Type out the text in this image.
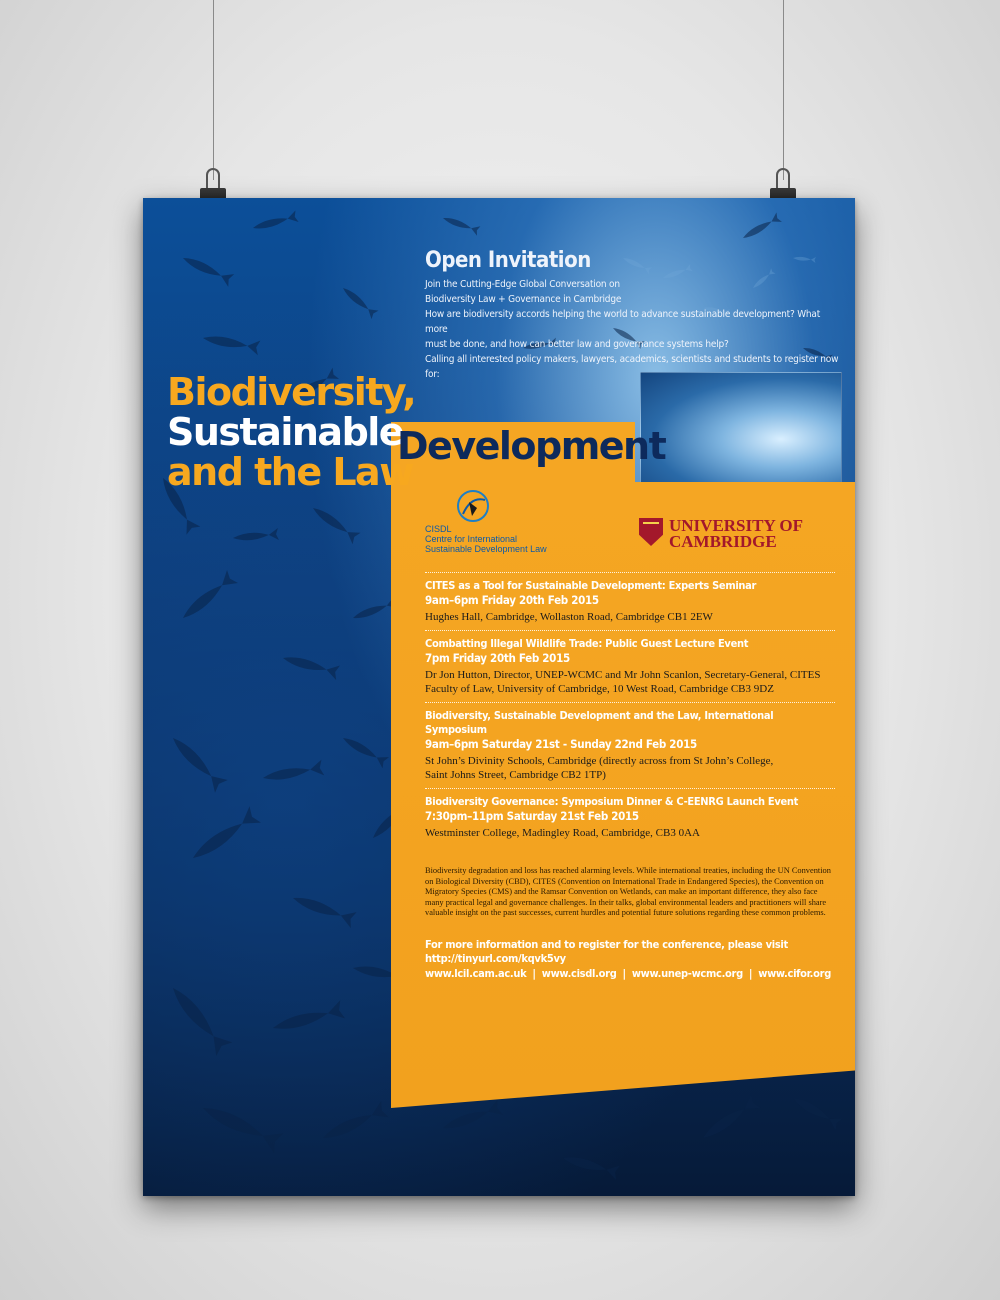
Open Invitation

Join the Cutting-Edge Global Conversation on

Biodiversity Law + Governance in Cambridge

How are biodiversity accords helping the world to advance sustainable development? What more

must be done, and how can better law and governance systems help?

Calling all interested policy makers, lawyers, academics, scientists and students to register now for:

Biodiversity,
Sustainable
and the Law
Development
CISDL
Centre for International
Sustainable Development Law
UNIVERSITY OF
CAMBRIDGE
CITES as a Tool for Sustainable Development: Experts Seminar
9am–6pm Friday 20th Feb 2015
Hughes Hall, Cambridge, Wollaston Road, Cambridge CB1 2EW
Combatting Illegal Wildlife Trade: Public Guest Lecture Event
7pm Friday 20th Feb 2015
Dr Jon Hutton, Director, UNEP-WCMC and Mr John Scanlon, Secretary-General, CITES
Faculty of Law, University of Cambridge, 10 West Road, Cambridge CB3 9DZ
Biodiversity, Sustainable Development and the Law, International Symposium
9am–6pm Saturday 21st - Sunday 22nd Feb 2015
St John’s Divinity Schools, Cambridge (directly across from St John’s College,
Saint Johns Street, Cambridge CB2 1TP)
Biodiversity Governance: Symposium Dinner & C-EENRG Launch Event
7:30pm–11pm Saturday 21st Feb 2015
Westminster College, Madingley Road, Cambridge, CB3 0AA
Biodiversity degradation and loss has reached alarming levels. While international treaties, including the UN Convention on Biological Diversity (CBD), CITES (Convention on International Trade in Endangered Species), the Convention on Migratory Species (CMS) and the Ramsar Convention on Wetlands, can make an important difference, they also face many practical legal and governance challenges. In their talks, global environmental leaders and practitioners will share valuable insight on the past successes, current hurdles and potential future solutions regarding these common problems.
For more information and to register for the conference, please visit
http://tinyurl.com/kqvk5vy
www.lcil.cam.ac.uk | www.cisdl.org | www.unep-wcmc.org | www.cifor.org
